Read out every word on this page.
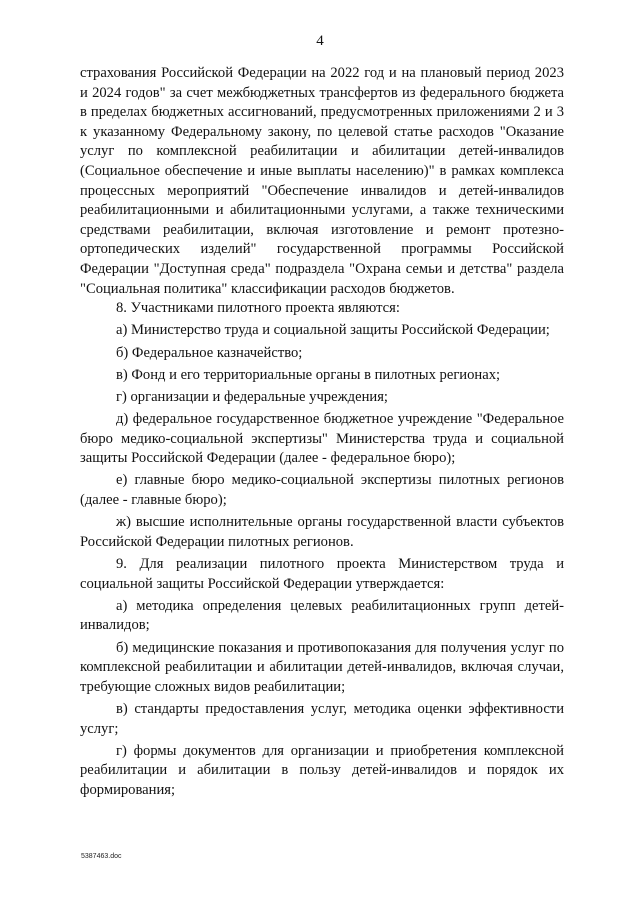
4

страхования Российской Федерации на 2022 год и на плановый период 2023 и 2024 годов" за счет межбюджетных трансфертов из федерального бюджета в пределах бюджетных ассигнований, предусмотренных приложениями 2 и 3 к указанному Федеральному закону, по целевой статье расходов "Оказание услуг по комплексной реабилитации и абилитации детей-инвалидов (Социальное обеспечение и иные выплаты населению)" в рамках комплекса процессных мероприятий "Обеспечение инвалидов и детей-инвалидов реабилитационными и абилитационными услугами, а также техническими средствами реабилитации, включая изготовление и ремонт протезно-ортопедических изделий" государственной программы Российской Федерации "Доступная среда" подраздела "Охрана семьи и детства" раздела "Социальная политика" классификации расходов бюджетов.

8. Участниками пилотного проекта являются:

а) Министерство труда и социальной защиты Российской Федерации;

б) Федеральное казначейство;

в) Фонд и его территориальные органы в пилотных регионах;

г) организации и федеральные учреждения;

д) федеральное государственное бюджетное учреждение "Федеральное бюро медико-социальной экспертизы" Министерства труда и социальной защиты Российской Федерации (далее - федеральное бюро);

е) главные бюро медико-социальной экспертизы пилотных регионов (далее - главные бюро);

ж) высшие исполнительные органы государственной власти субъектов Российской Федерации пилотных регионов.

9. Для реализации пилотного проекта Министерством труда и социальной защиты Российской Федерации утверждается:

а) методика определения целевых реабилитационных групп детей-инвалидов;

б) медицинские показания и противопоказания для получения услуг по комплексной реабилитации и абилитации детей-инвалидов, включая случаи, требующие сложных видов реабилитации;

в) стандарты предоставления услуг, методика оценки эффективности услуг;

г) формы документов для организации и приобретения комплексной реабилитации и абилитации в пользу детей-инвалидов и порядок их формирования;

5387463.doc
